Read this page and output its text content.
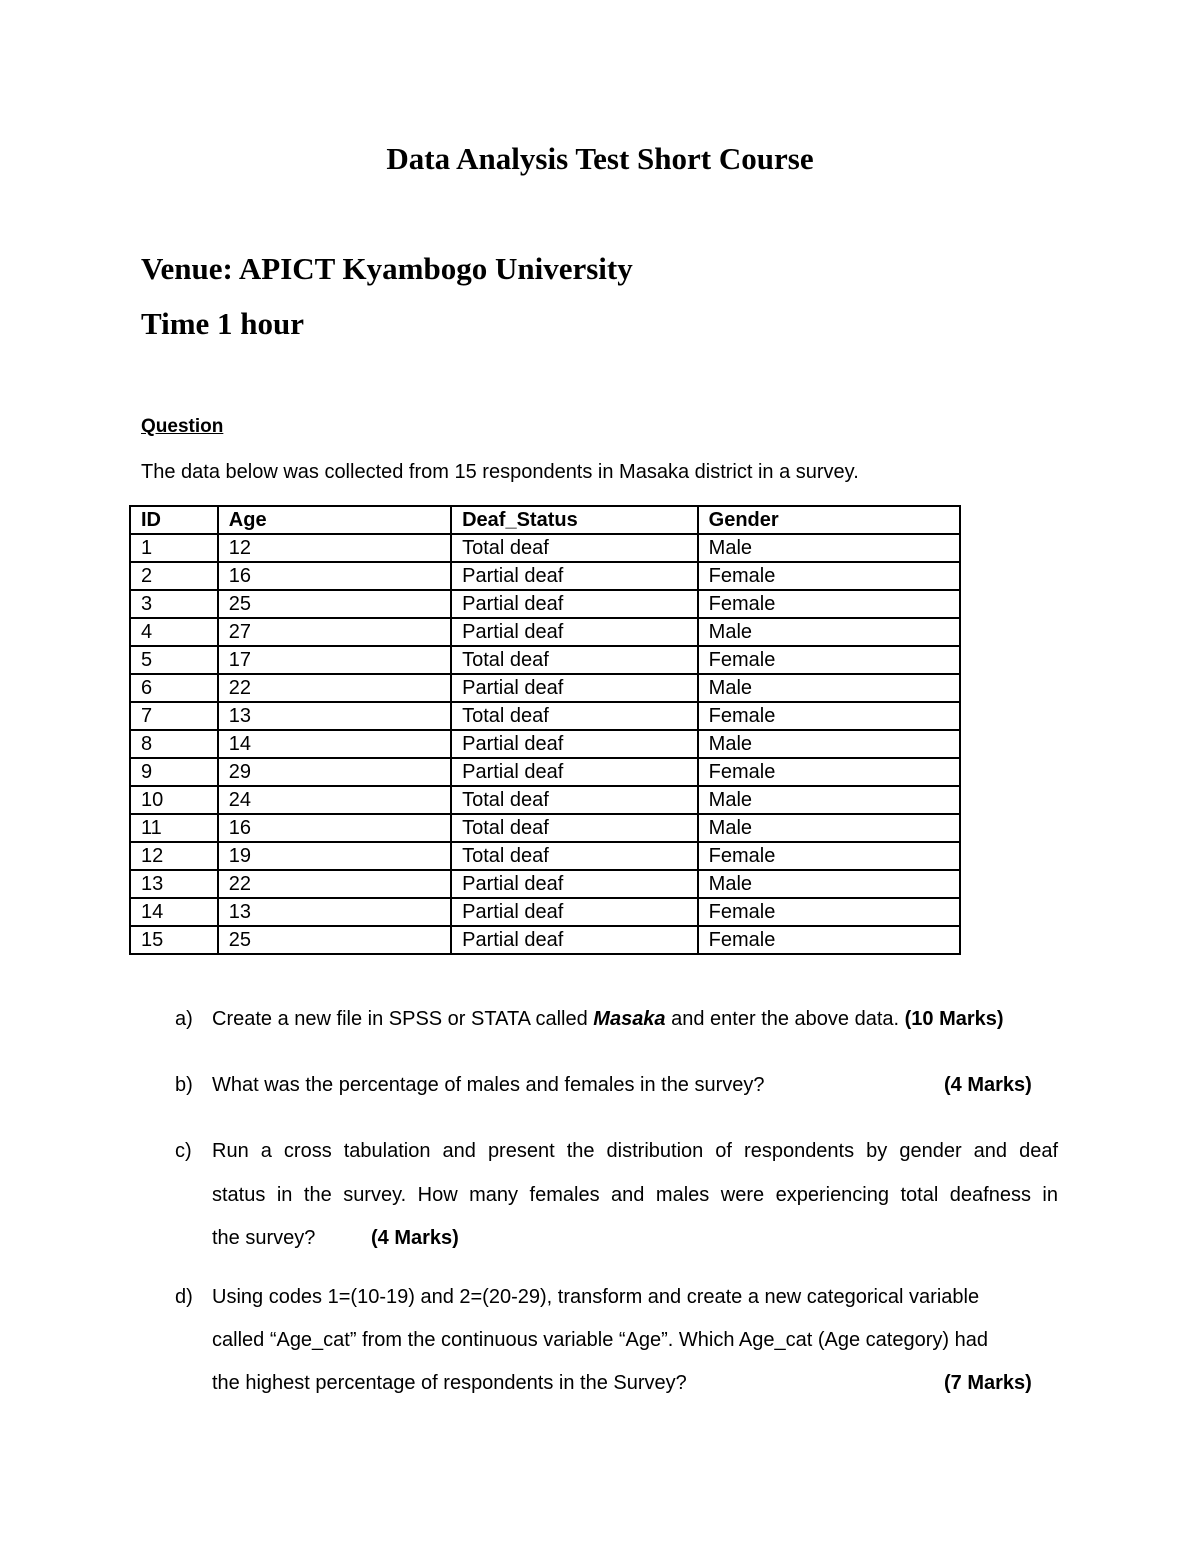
Data Analysis Test Short Course
Venue: APICT Kyambogo University
Time 1 hour
Question
The data below was collected from 15 respondents in Masaka district in a survey.
ID	Age	Deaf_Status	Gender
1	12	Total deaf	Male
2	16	Partial deaf	Female
3	25	Partial deaf	Female
4	27	Partial deaf	Male
5	17	Total deaf	Female
6	22	Partial deaf	Male
7	13	Total deaf	Female
8	14	Partial deaf	Male
9	29	Partial deaf	Female
10	24	Total deaf	Male
11	16	Total deaf	Male
12	19	Total deaf	Female
13	22	Partial deaf	Male
14	13	Partial deaf	Female
15	25	Partial deaf	Female
a) Create a new file in SPSS or STATA called Masaka and enter the above data. (10 Marks)
b) What was the percentage of males and females in the survey?	(4 Marks)
c) Run a cross tabulation and present the distribution of respondents by gender and deaf
status in the survey. How many females and males were experiencing total deafness in
the survey?	(4 Marks)
d) Using codes 1=(10-19) and 2=(20-29), transform and create a new categorical variable
called “Age_cat” from the continuous variable “Age”. Which Age_cat (Age category) had
the highest percentage of respondents in the Survey?	(7 Marks)
